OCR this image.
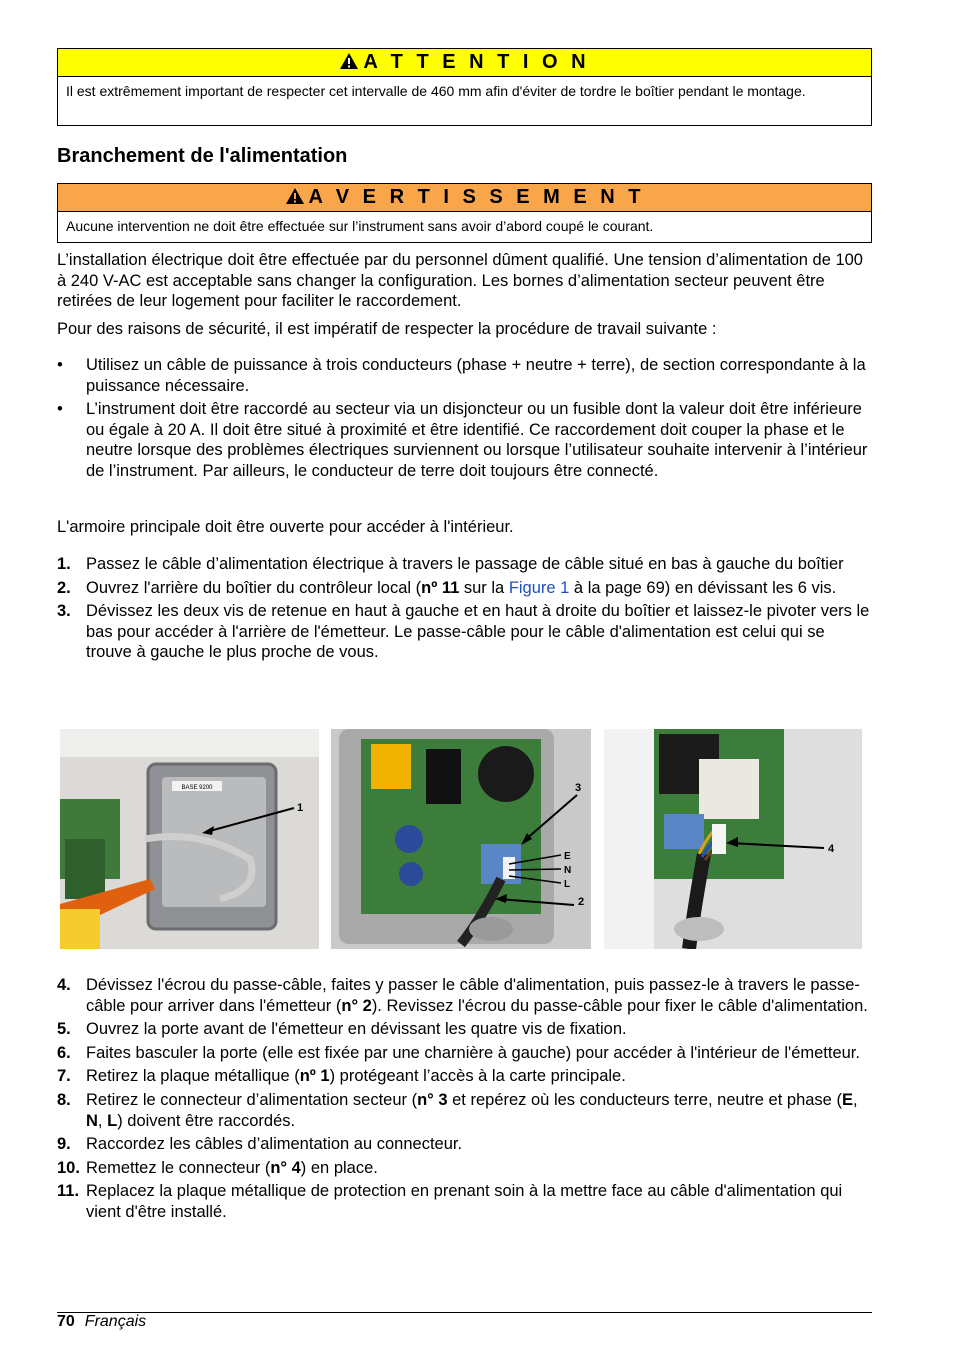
A T T E N T I O N
Il est extrêmement important de respecter cet intervalle de 460 mm afin d'éviter de tordre le boîtier pendant le montage.
Branchement de l'alimentation
A V E R T I S S E M E N T
Aucune intervention ne doit être effectuée sur l’instrument sans avoir d’abord coupé le courant.

L’installation électrique doit être effectuée par du personnel dûment qualifié. Une tension d’alimentation de 100 à 240 V-AC est acceptable sans changer la configuration. Les bornes d’alimentation secteur peuvent être retirées de leur logement pour faciliter le raccordement.

Pour des raisons de sécurité, il est impératif de respecter la procédure de travail suivante :

• Utilisez un câble de puissance à trois conducteurs (phase + neutre + terre), de section correspondante à la puissance nécessaire.
• L’instrument doit être raccordé au secteur via un disjoncteur ou un fusible dont la valeur doit être inférieure ou égale à 20 A. Il doit être situé à proximité et être identifié. Ce raccordement doit couper la phase et le neutre lorsque des problèmes électriques surviennent ou lorsque l’utilisateur souhaite intervenir à l’intérieur de l’instrument. Par ailleurs, le conducteur de terre doit toujours être connecté.

L'armoire principale doit être ouverte pour accéder à l'intérieur.

1. Passez le câble d’alimentation électrique à travers le passage de câble situé en bas à gauche du boîtier
2. Ouvrez l'arrière du boîtier du contrôleur local (nº 11 sur la Figure 1 à la page 69) en dévissant les 6 vis.
3. Dévissez les deux vis de retenue en haut à gauche et en haut à droite du boîtier et laissez-le pivoter vers le bas pour accéder à l'arrière de l'émetteur. Le passe-câble pour le câble d'alimentation est celui qui se trouve à gauche le plus proche de vous.
BASE 9200
1
3
E
N
L
2
4
4. Dévissez l'écrou du passe-câble, faites y passer le câble d'alimentation, puis passez-le à travers le passe-câble pour arriver dans l'émetteur (n° 2). Revissez l'écrou du passe-câble pour fixer le câble d'alimentation.
5. Ouvrez la porte avant de l'émetteur en dévissant les quatre vis de fixation.
6. Faites basculer la porte (elle est fixée par une charnière à gauche) pour accéder à l'intérieur de l'émetteur.
7. Retirez la plaque métallique (nº 1) protégeant l’accès à la carte principale.
8. Retirez le connecteur d’alimentation secteur (n° 3 et repérez où les conducteurs terre, neutre et phase (E, N, L) doivent être raccordés.
9. Raccordez les câbles d’alimentation au connecteur.
10. Remettez le connecteur (n° 4) en place.
11. Replacez la plaque métallique de protection en prenant soin à la mettre face au câble d'alimentation qui vient d'être installé.
70 Français
